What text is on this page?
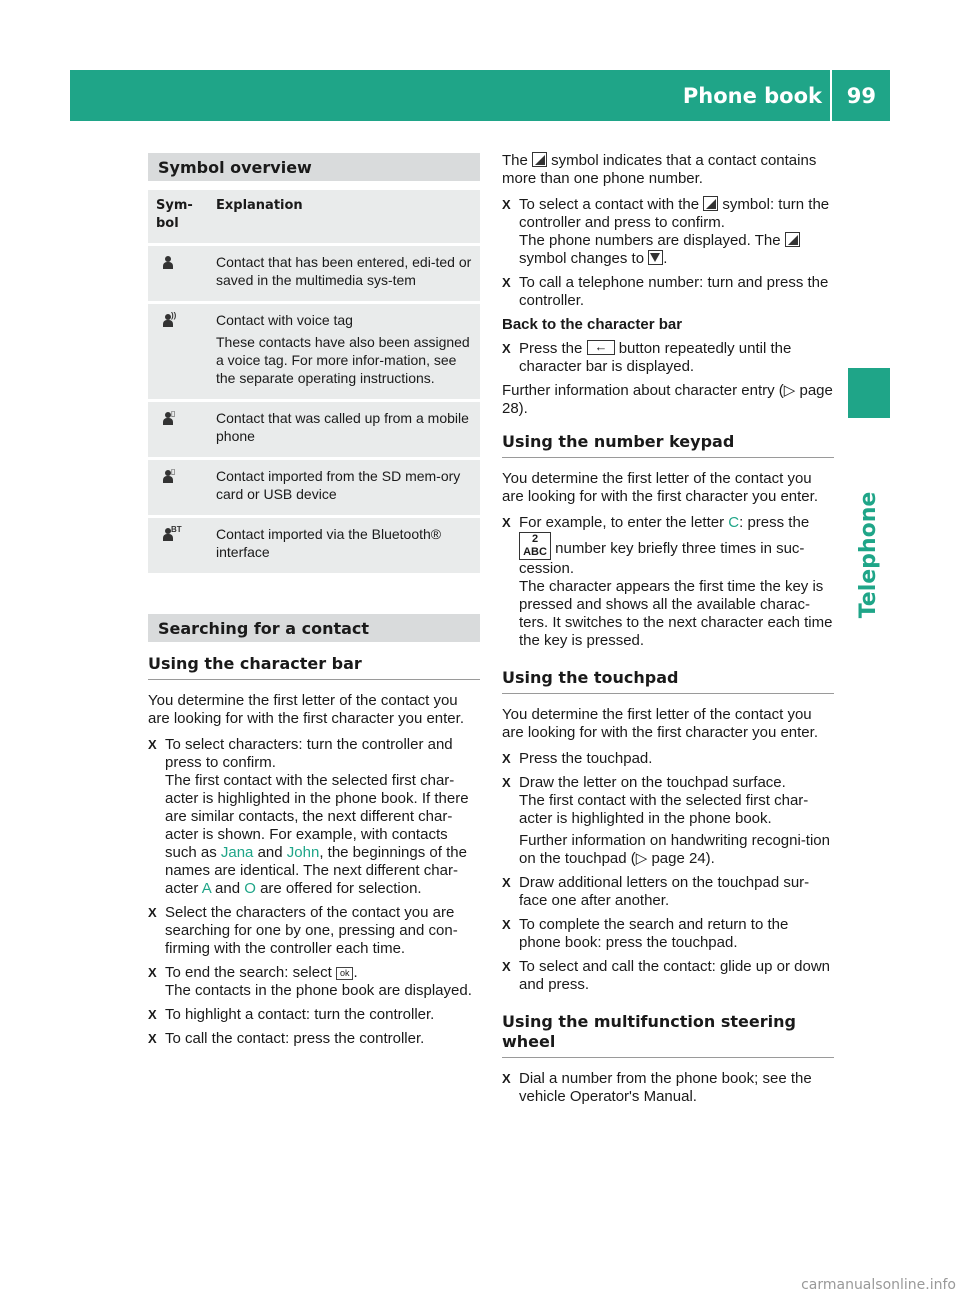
Phone book 99
Telephone
Symbol overview
Sym-
bol	Explanation

	Contact that has been entered, edi-ted or saved in the multimedia sys-tem

))	Contact with voice tag
These contacts have also been assigned a voice tag. For more infor-mation, see the separate operating instructions.

▯	Contact that was called up from a mobile phone

▯	Contact imported from the SD mem-ory card or USB device

BT	Contact imported via the Bluetooth® interface
Searching for a contact
Using the character bar

You determine the first letter of the contact you are looking for with the first character you enter.

X To select characters: turn the controller and press to confirm.
The first contact with the selected first char-acter is highlighted in the phone book. If there are similar contacts, the next different char-acter is shown. For example, with contacts such as Jana and John, the beginnings of the names are identical. The next different char-acter A and O are offered for selection.
X Select the characters of the contact you are searching for one by one, pressing and con-firming with the controller each time.
X To end the search: select ok .
The contacts in the phone book are displayed.
X To highlight a contact: turn the controller.
X To call the contact: press the controller.

The  symbol indicates that a contact contains more than one phone number.

X To select a contact with the  symbol: turn the controller and press to confirm.
The phone numbers are displayed. The  symbol changes to .
X To call a telephone number: turn and press the controller.
Back to the character bar
X Press the ← button repeatedly until the character bar is displayed.

Further information about character entry (▷ page 28).

Using the number keypad

You determine the first letter of the contact you are looking for with the first character you enter.

X For example, to enter the letter C: press the 2 ABC number key briefly three times in suc-cession.
The character appears the first time the key is pressed and shows all the available charac-ters. It switches to the next character each time the key is pressed.
Using the touchpad

You determine the first letter of the contact you are looking for with the first character you enter.

X Press the touchpad.
X Draw the letter on the touchpad surface.
The first contact with the selected first char-acter is highlighted in the phone book.
Further information on handwriting recogni-tion on the touchpad (▷ page 24).
X Draw additional letters on the touchpad sur-face one after another.
X To complete the search and return to the phone book: press the touchpad.
X To select and call the contact: glide up or down and press.
Using the multifunction steering wheel
X Dial a number from the phone book; see the vehicle Operator's Manual.
carmanualsonline.info
